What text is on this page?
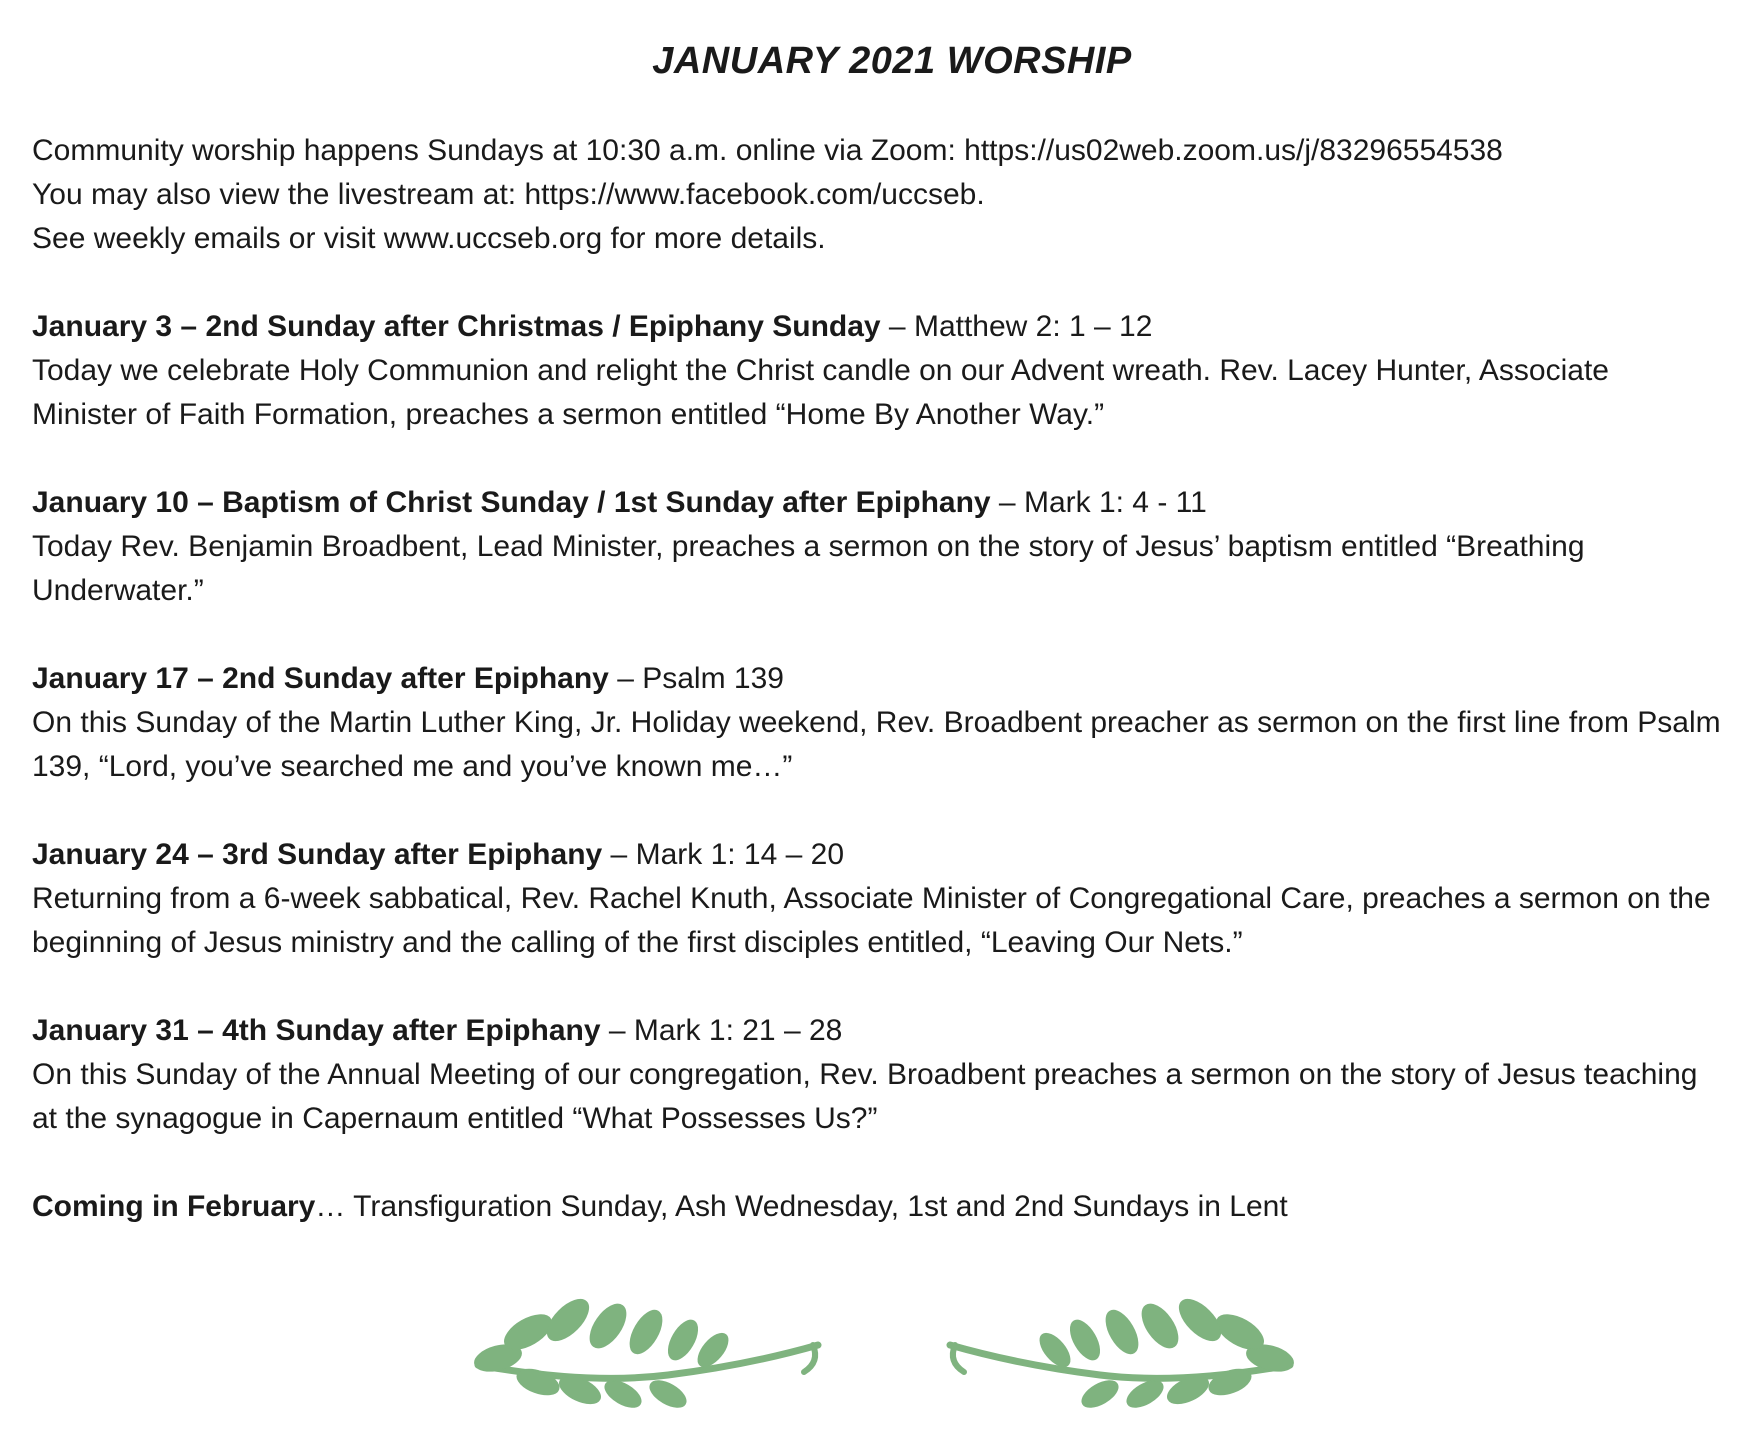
JANUARY 2021 WORSHIP

Community worship happens Sundays at 10:30 a.m. online via Zoom: https://us02web.zoom.us/j/83296554538

You may also view the livestream at: https://www.facebook.com/uccseb.

See weekly emails or visit www.uccseb.org for more details.

January 3 – 2nd Sunday after Christmas / Epiphany Sunday – Matthew 2: 1 – 12

Today we celebrate Holy Communion and relight the Christ candle on our Advent wreath. Rev. Lacey Hunter, Associate Minister of Faith Formation, preaches a sermon entitled “Home By Another Way.”

January 10 – Baptism of Christ Sunday / 1st Sunday after Epiphany – Mark 1: 4 - 11

Today Rev. Benjamin Broadbent, Lead Minister, preaches a sermon on the story of Jesus’ baptism entitled “Breathing Underwater.”

January 17 – 2nd Sunday after Epiphany – Psalm 139

On this Sunday of the Martin Luther King, Jr. Holiday weekend, Rev. Broadbent preacher as sermon on the first line from Psalm 139, “Lord, you’ve searched me and you’ve known me…”

January 24 – 3rd Sunday after Epiphany – Mark 1: 14 – 20

Returning from a 6-week sabbatical, Rev. Rachel Knuth, Associate Minister of Congregational Care, preaches a sermon on the beginning of Jesus ministry and the calling of the first disciples entitled, “Leaving Our Nets.”

January 31 – 4th Sunday after Epiphany – Mark 1: 21 – 28

On this Sunday of the Annual Meeting of our congregation, Rev. Broadbent preaches a sermon on the story of Jesus teaching at the synagogue in Capernaum entitled “What Possesses Us?”

Coming in February… Transfiguration Sunday, Ash Wednesday, 1st and 2nd Sundays in Lent
